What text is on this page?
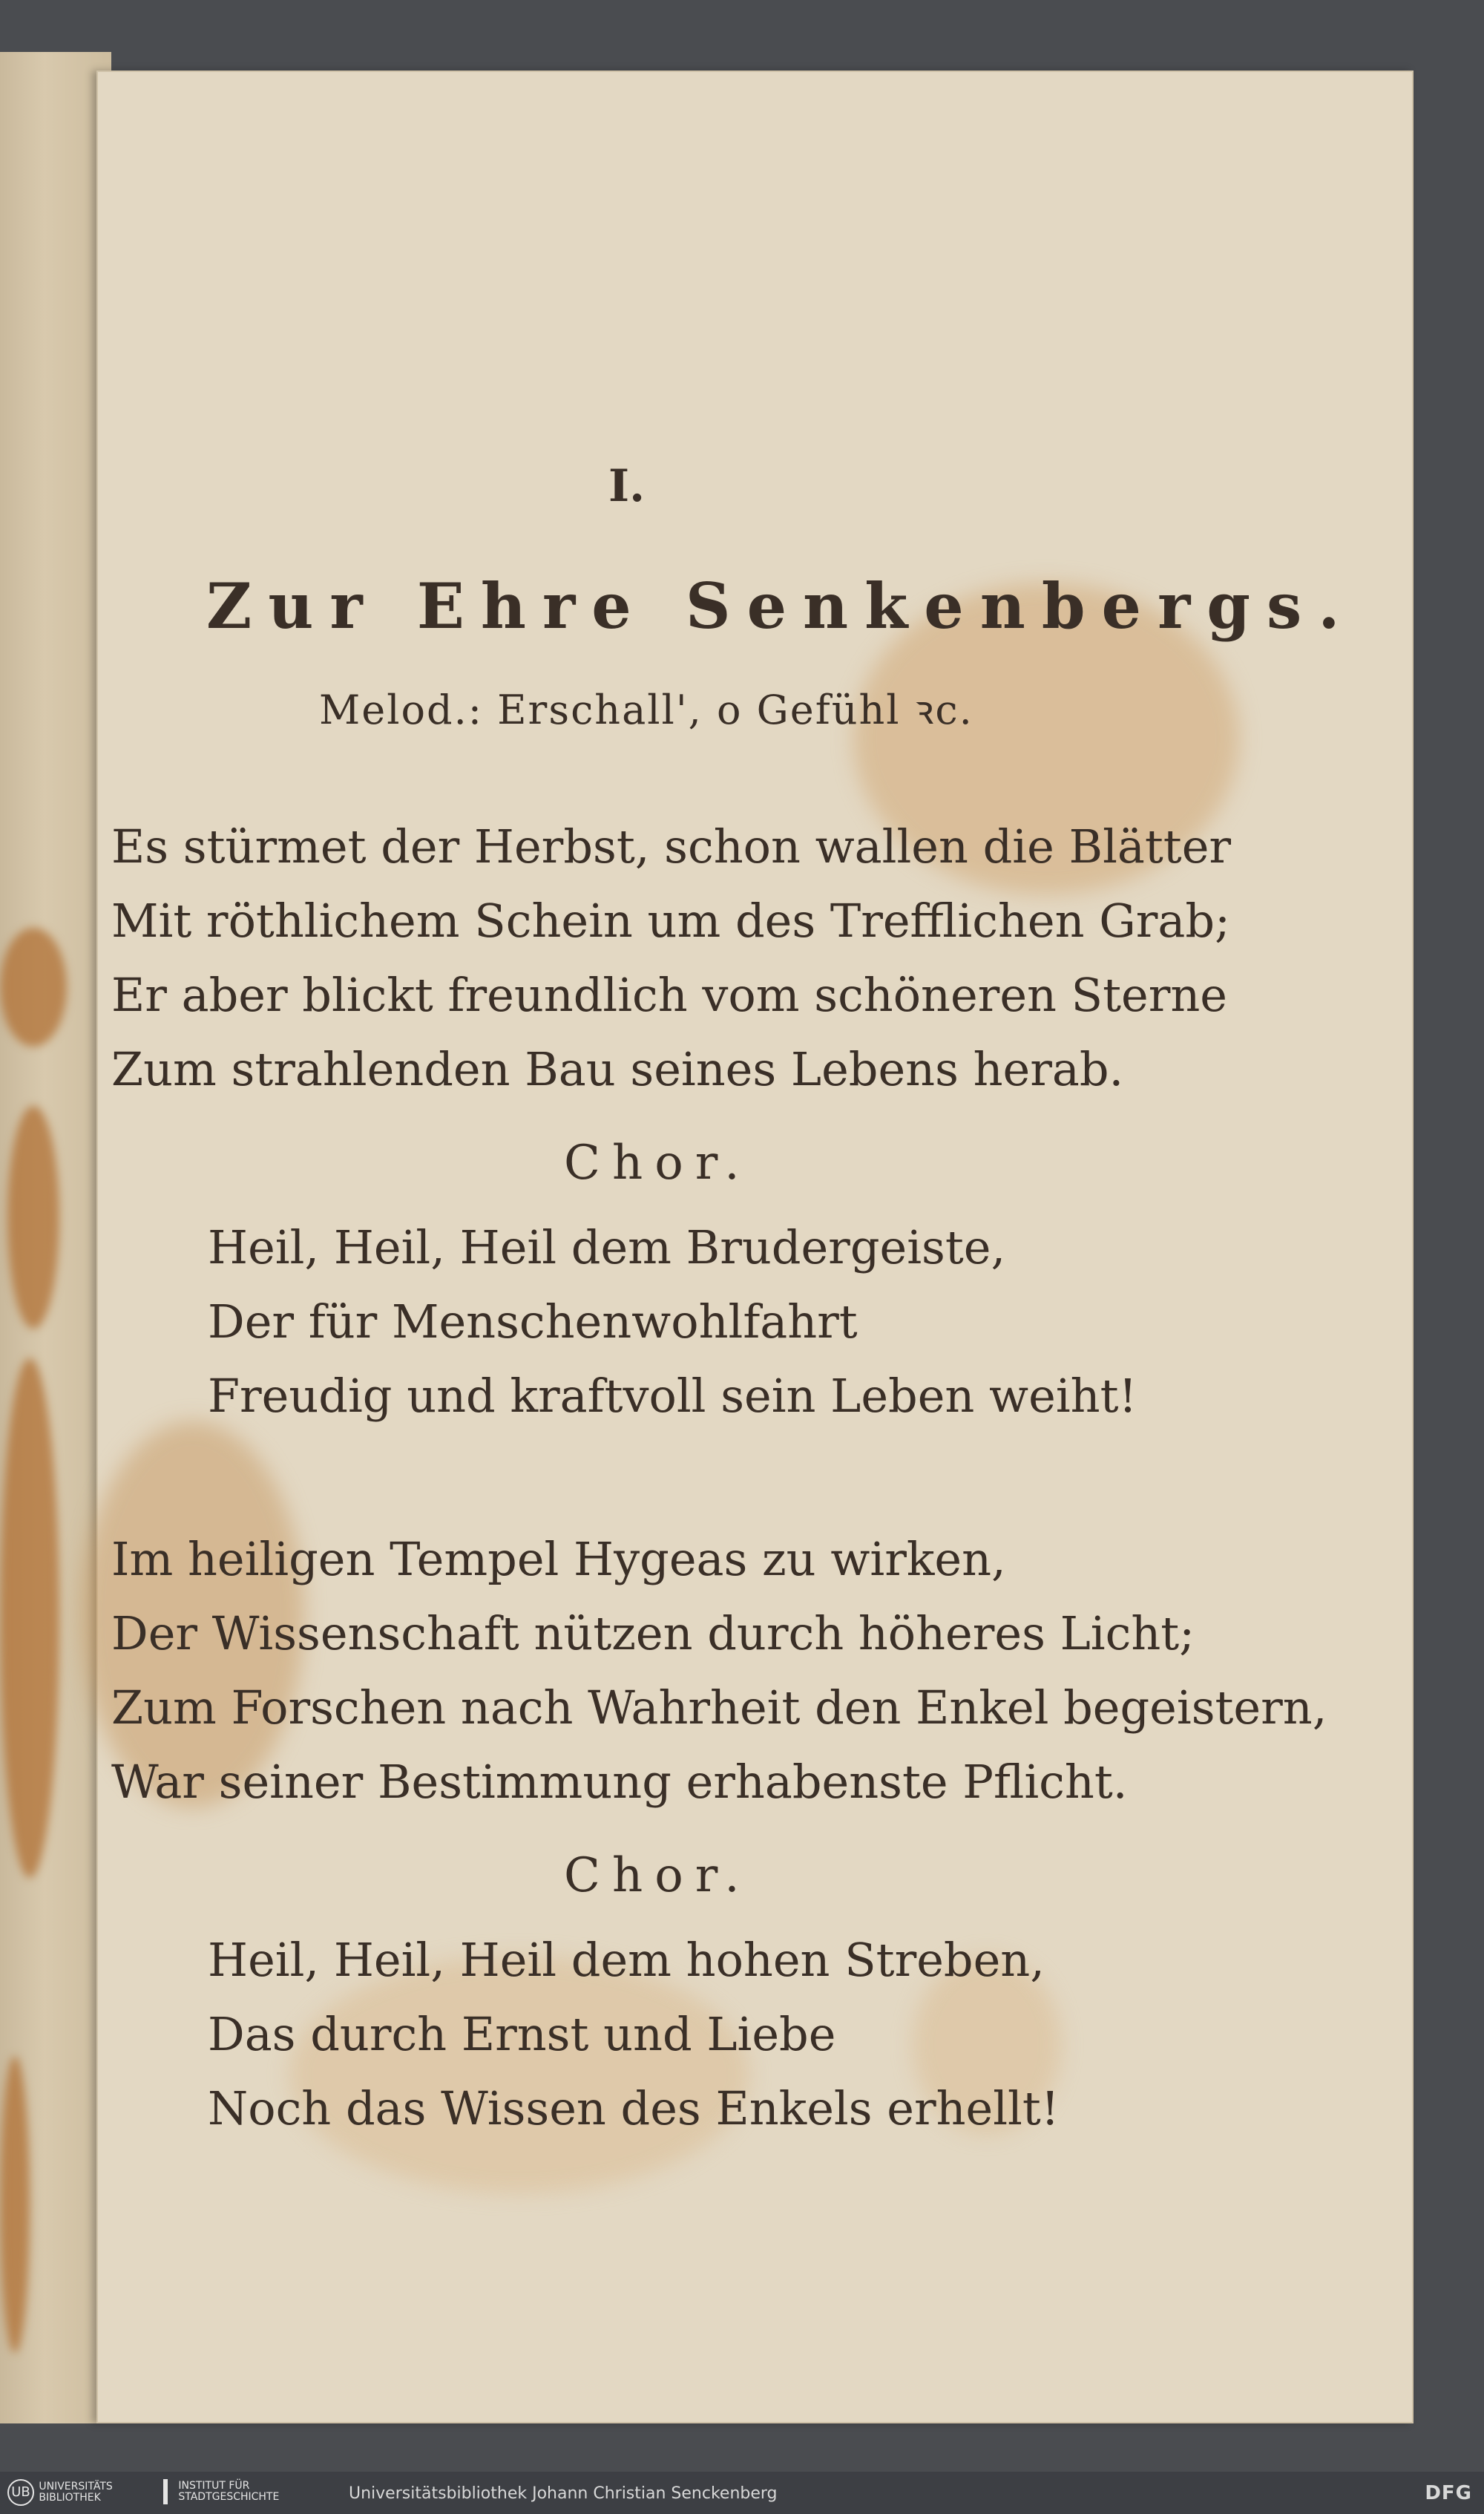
I.
Zur Ehre Senkenbergs.
Melod.: Erschall', o Gefühl ꝛc.
Es stürmet der Herbst, schon wallen die Blätter
Mit röthlichem Schein um des Trefflichen Grab;
Er aber blickt freundlich vom schöneren Sterne
Zum strahlenden Bau seines Lebens herab.
Chor.
Heil, Heil, Heil dem Brudergeiste,
Der für Menschenwohlfahrt
Freudig und kraftvoll sein Leben weiht!
Im heiligen Tempel Hygeas zu wirken,
Der Wissenschaft nützen durch höheres Licht;
Zum Forschen nach Wahrheit den Enkel begeistern,
War seiner Bestimmung erhabenste Pflicht.
Chor.
Heil, Heil, Heil dem hohen Streben,
Das durch Ernst und Liebe
Noch das Wissen des Enkels erhellt!
UB UNIVERSITÄTS BIBLIOTHEK
INSTITUT FÜR STADTGESCHICHTE	Universitätsbibliothek Johann Christian Senckenberg	DFG
